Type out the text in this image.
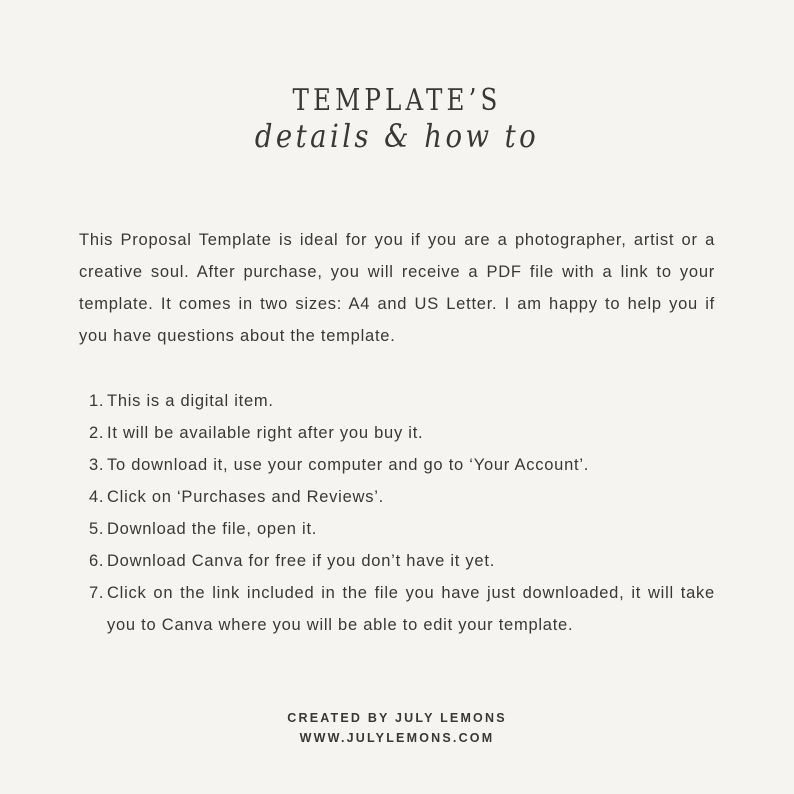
TEMPLATE’S
details & how to

This Proposal Template is ideal for you if you are a photographer, artist or a creative soul. After purchase, you will receive a PDF file with a link to your template. It comes in two sizes: A4 and US Letter. I am happy to help you if you have questions about the template.

1. This is a digital item.
2. It will be available right after you buy it.
3. To download it, use your computer and go to ‘Your Account’.
4. Click on ‘Purchases and Reviews’.
5. Download the file, open it.
6. Download Canva for free if you don’t have it yet.
7. Click on the link included in the file you have just downloaded, it will take you to Canva where you will be able to edit your template.
CREATED BY JULY LEMONS
WWW.JULYLEMONS.COM
